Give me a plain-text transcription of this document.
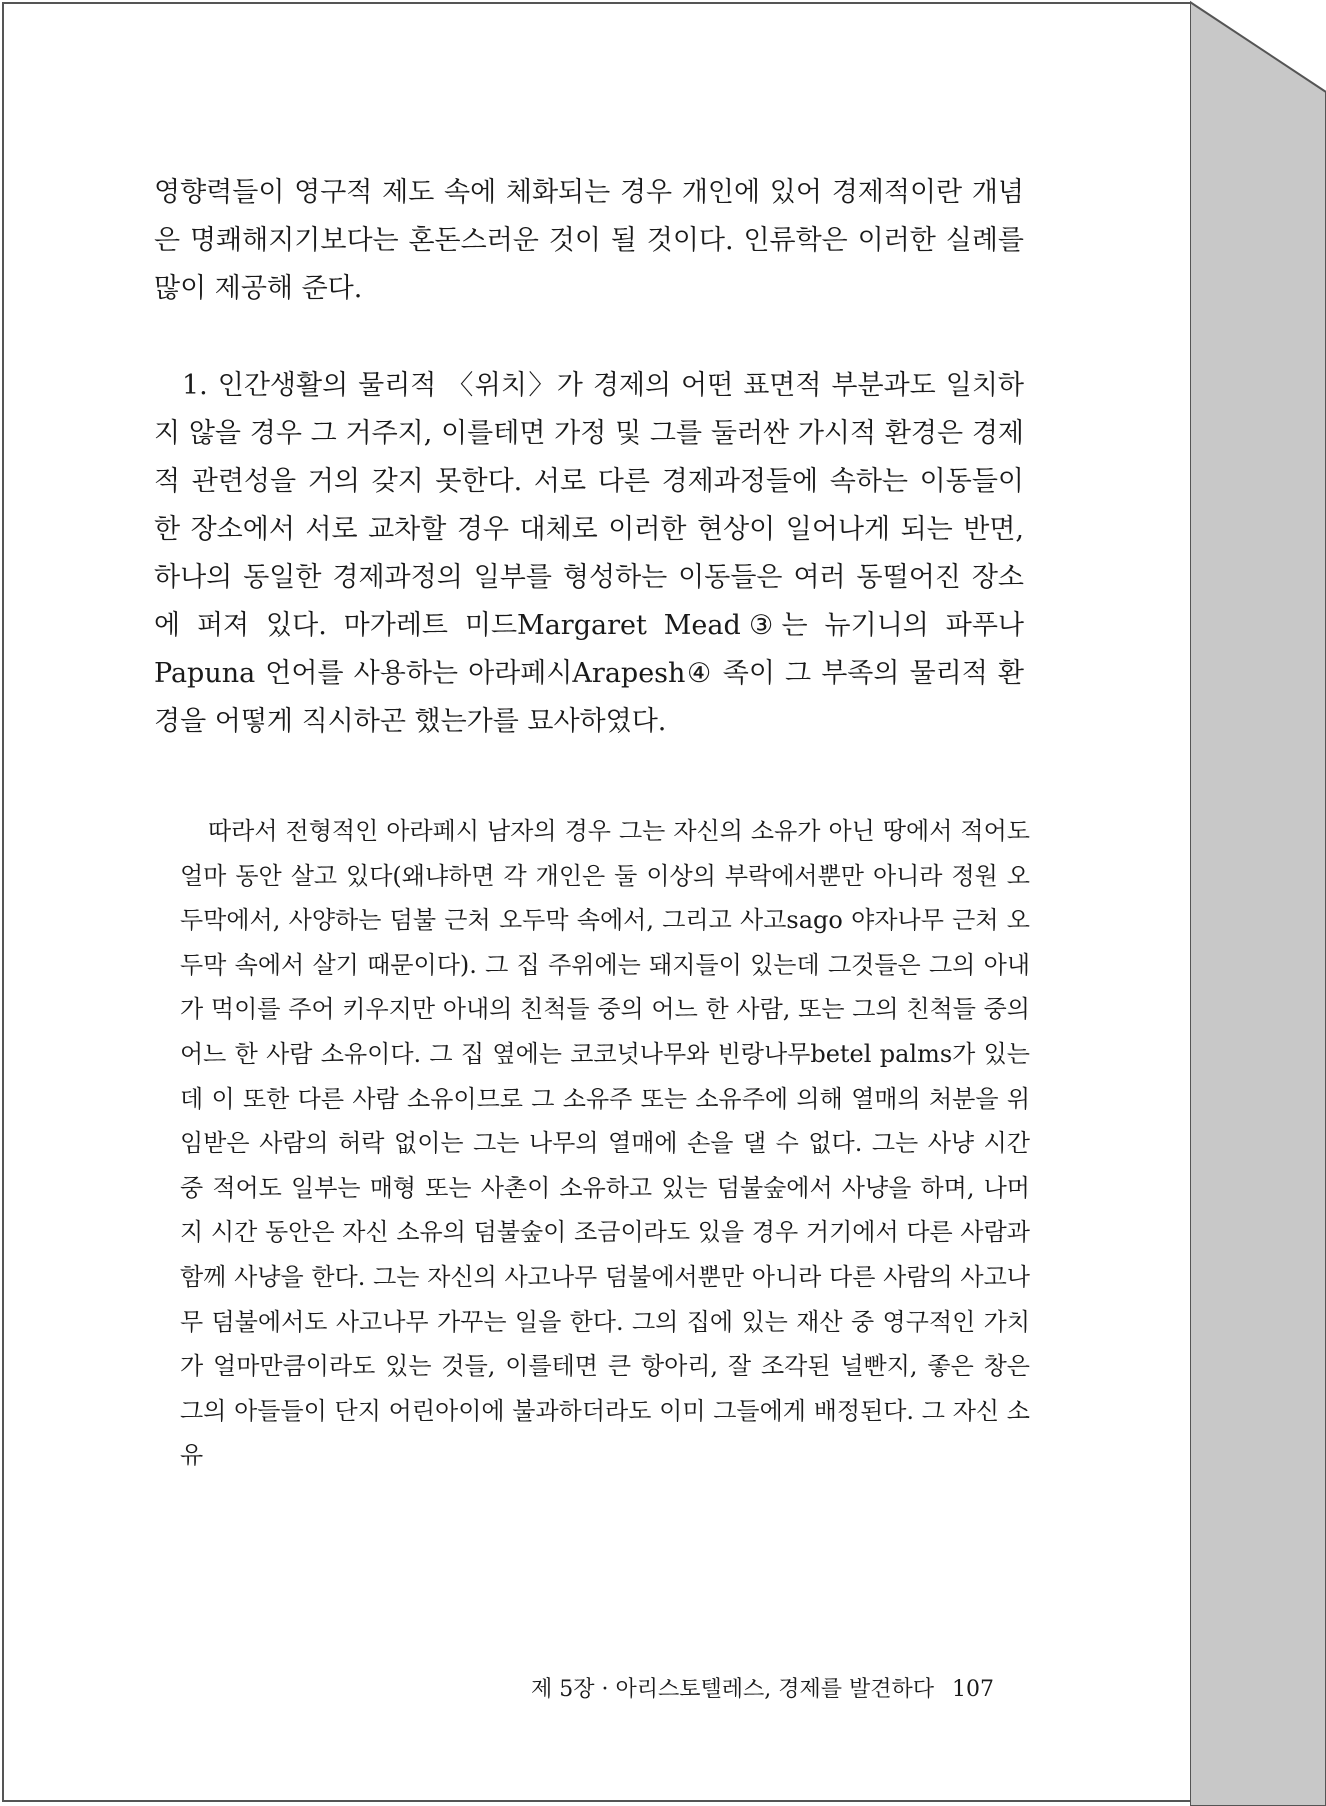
영향력들이 영구적 제도 속에 체화되는 경우 개인에 있어 경제적이란 개념은 명쾌해지기보다는 혼돈스러운 것이 될 것이다. 인류학은 이러한 실례를 많이 제공해 준다.

1. 인간생활의 물리적 〈위치〉가 경제의 어떤 표면적 부분과도 일치하지 않을 경우 그 거주지, 이를테면 가정 및 그를 둘러싼 가시적 환경은 경제적 관련성을 거의 갖지 못한다. 서로 다른 경제과정들에 속하는 이동들이 한 장소에서 서로 교차할 경우 대체로 이러한 현상이 일어나게 되는 반면, 하나의 동일한 경제과정의 일부를 형성하는 이동들은 여러 동떨어진 장소에 퍼져 있다. 마가레트 미드Margaret Mead③는 뉴기니의 파푸나Papuna 언어를 사용하는 아라페시Arapesh④ 족이 그 부족의 물리적 환경을 어떻게 직시하곤 했는가를 묘사하였다.

따라서 전형적인 아라페시 남자의 경우 그는 자신의 소유가 아닌 땅에서 적어도 얼마 동안 살고 있다(왜냐하면 각 개인은 둘 이상의 부락에서뿐만 아니라 정원 오두막에서, 사양하는 덤불 근처 오두막 속에서, 그리고 사고sago 야자나무 근처 오두막 속에서 살기 때문이다). 그 집 주위에는 돼지들이 있는데 그것들은 그의 아내가 먹이를 주어 키우지만 아내의 친척들 중의 어느 한 사람, 또는 그의 친척들 중의 어느 한 사람 소유이다. 그 집 옆에는 코코넛나무와 빈랑나무betel palms가 있는데 이 또한 다른 사람 소유이므로 그 소유주 또는 소유주에 의해 열매의 처분을 위임받은 사람의 허락 없이는 그는 나무의 열매에 손을 댈 수 없다. 그는 사냥 시간 중 적어도 일부는 매형 또는 사촌이 소유하고 있는 덤불숲에서 사냥을 하며, 나머지 시간 동안은 자신 소유의 덤불숲이 조금이라도 있을 경우 거기에서 다른 사람과 함께 사냥을 한다. 그는 자신의 사고나무 덤불에서뿐만 아니라 다른 사람의 사고나무 덤불에서도 사고나무 가꾸는 일을 한다. 그의 집에 있는 재산 중 영구적인 가치가 얼마만큼이라도 있는 것들, 이를테면 큰 항아리, 잘 조각된 널빤지, 좋은 창은 그의 아들들이 단지 어린아이에 불과하더라도 이미 그들에게 배정된다. 그 자신 소유

제 5장 · 아리스토텔레스, 경제를 발견하다 107
